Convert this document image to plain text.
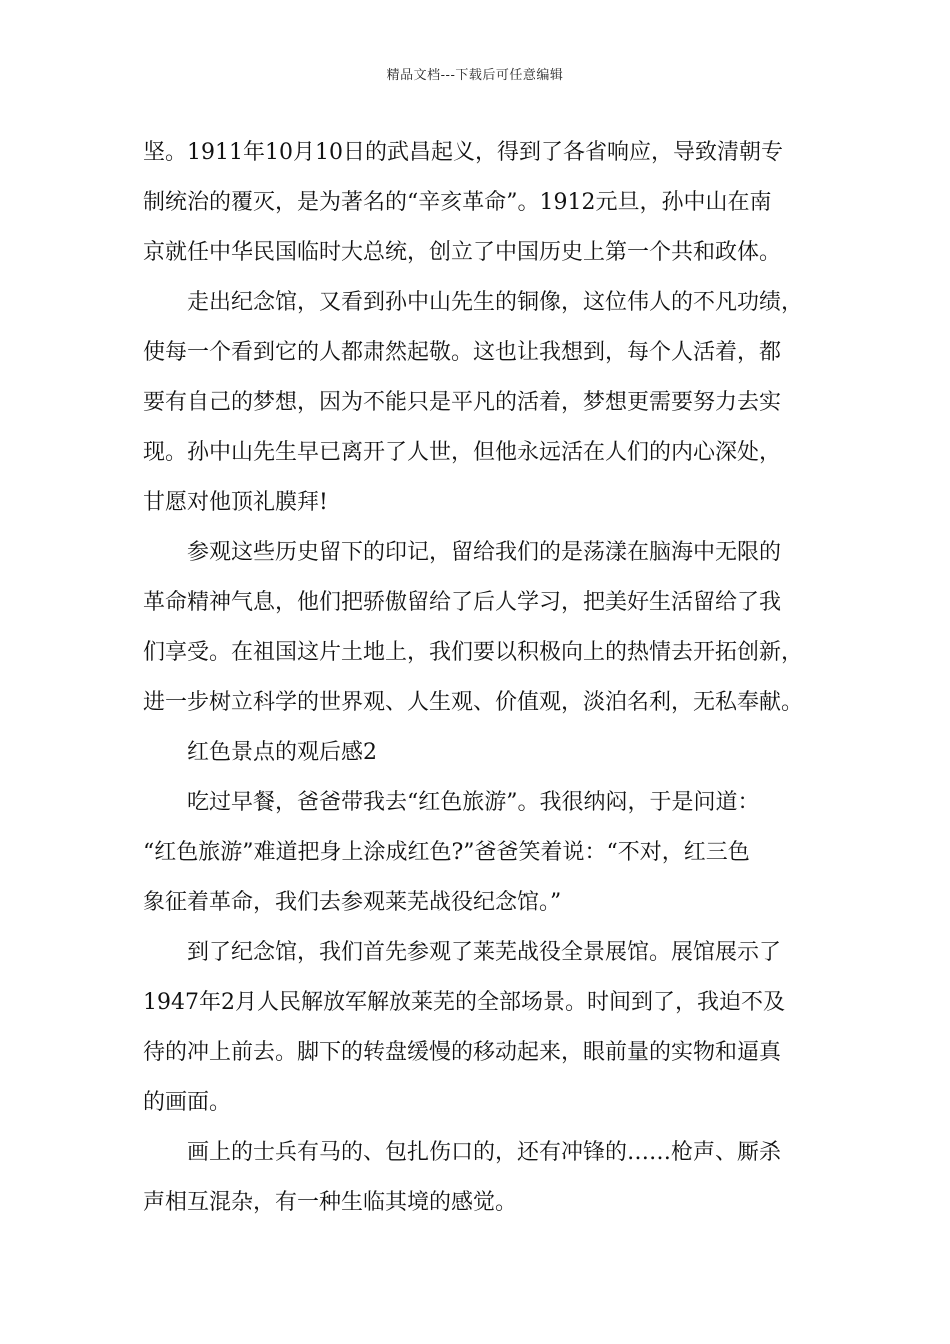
精品文档---下载后可任意编辑
坚。1911年10月10日的武昌起义，得到了各省响应，导致清朝专
制统治的覆灭，是为著名的“辛亥革命”。1912元旦，孙中山在南
京就任中华民国临时大总统，创立了中国历史上第一个共和政体。
走出纪念馆，又看到孙中山先生的铜像，这位伟人的不凡功绩，
使每一个看到它的人都肃然起敬。这也让我想到，每个人活着，都
要有自己的梦想，因为不能只是平凡的活着，梦想更需要努力去实
现。孙中山先生早已离开了人世，但他永远活在人们的内心深处，
甘愿对他顶礼膜拜!
参观这些历史留下的印记，留给我们的是荡漾在脑海中无限的
革命精神气息，他们把骄傲留给了后人学习，把美好生活留给了我
们享受。在祖国这片土地上，我们要以积极向上的热情去开拓创新，
进一步树立科学的世界观、人生观、价值观，淡泊名利，无私奉献。
红色景点的观后感2
吃过早餐，爸爸带我去“红色旅游”。我很纳闷，于是问道：
“红色旅游”难道把身上涂成红色?”爸爸笑着说：“不对，红三色
象征着革命，我们去参观莱芜战役纪念馆。”
到了纪念馆，我们首先参观了莱芜战役全景展馆。展馆展示了
1947年2月人民解放军解放莱芜的全部场景。时间到了，我迫不及
待的冲上前去。脚下的转盘缓慢的移动起来，眼前量的实物和逼真
的画面。
画上的士兵有马的、包扎伤口的，还有冲锋的……枪声、厮杀
声相互混杂，有一种生临其境的感觉。
